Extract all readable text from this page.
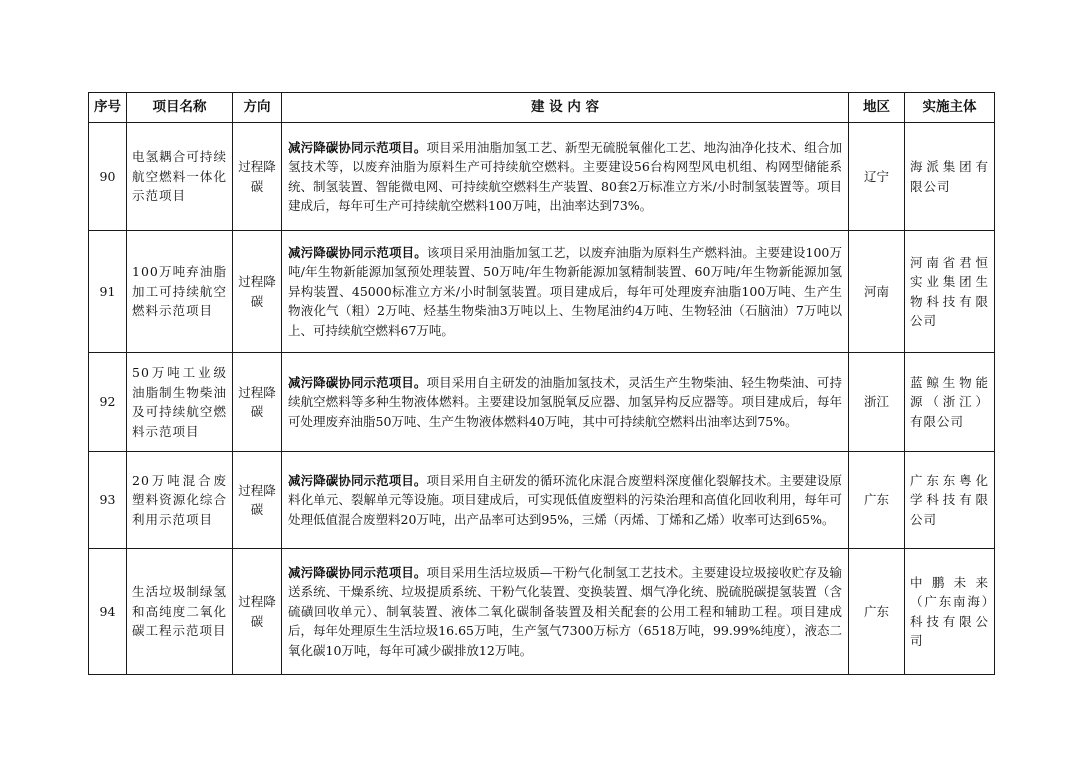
序号	项目名称	方向	建 设 内 容	地区	实施主体
90	电氢耦合可持续航空燃料一体化示范项目	过程降碳	减污降碳协同示范项目。项目采用油脂加氢工艺、新型无硫脱氧催化工艺、地沟油净化技术、组合加氢技术等，以废弃油脂为原料生产可持续航空燃料。主要建设56台构网型风电机组、构网型储能系统、制氢装置、智能微电网、可持续航空燃料生产装置、80套2万标准立方米/小时制氢装置等。项目建成后，每年可生产可持续航空燃料100万吨，出油率达到73%。	辽宁	海派集团有限公司
91	100万吨弃油脂加工可持续航空燃料示范项目	过程降碳	减污降碳协同示范项目。该项目采用油脂加氢工艺，以废弃油脂为原料生产燃料油。主要建设100万吨/年生物新能源加氢预处理装置、50万吨/年生物新能源加氢精制装置、60万吨/年生物新能源加氢异构装置、45000标准立方米/小时制氢装置。项目建成后，每年可处理废弃油脂100万吨、生产生物液化气（粗）2万吨、烃基生物柴油3万吨以上、生物尾油约4万吨、生物轻油（石脑油）7万吨以上、可持续航空燃料67万吨。	河南	河南省君恒实业集团生物科技有限公司
92	50万吨工业级油脂制生物柴油及可持续航空燃料示范项目	过程降碳	减污降碳协同示范项目。项目采用自主研发的油脂加氢技术，灵活生产生物柴油、轻生物柴油、可持续航空燃料等多种生物液体燃料。主要建设加氢脱氧反应器、加氢异构反应器等。项目建成后，每年可处理废弃油脂50万吨、生产生物液体燃料40万吨，其中可持续航空燃料出油率达到75%。	浙江	蓝鲸生物能源（浙江）有限公司
93	20万吨混合废塑料资源化综合利用示范项目	过程降碳	减污降碳协同示范项目。项目采用自主研发的循环流化床混合废塑料深度催化裂解技术。主要建设原料化单元、裂解单元等设施。项目建成后，可实现低值废塑料的污染治理和高值化回收利用，每年可处理低值混合废塑料20万吨，出产品率可达到95%，三烯（丙烯、丁烯和乙烯）收率可达到65%。	广东	广东东粤化学科技有限公司
94	生活垃圾制绿氢和高纯度二氧化碳工程示范项目	过程降碳	减污降碳协同示范项目。项目采用生活垃圾质—干粉气化制氢工艺技术。主要建设垃圾接收贮存及输送系统、干燥系统、垃圾提质系统、干粉气化装置、变换装置、烟气净化统、脱硫脱碳提氢装置（含硫磺回收单元）、制氧装置、液体二氧化碳制备装置及相关配套的公用工程和辅助工程。项目建成后，每年处理原生生活垃圾16.65万吨，生产氢气7300万标方（6518万吨，99.99%纯度），液态二氧化碳10万吨，每年可减少碳排放12万吨。	广东	中鹏未来（广东南海）科技有限公司
